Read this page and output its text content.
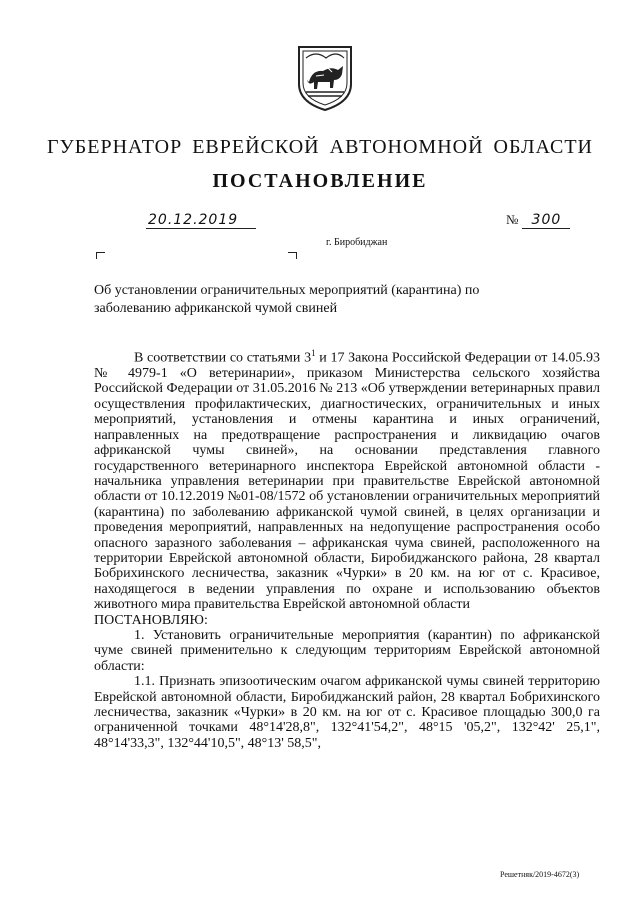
ГУБЕРНАТОР ЕВРЕЙСКОЙ АВТОНОМНОЙ ОБЛАСТИ
ПОСТАНОВЛЕНИЕ
20.12.2019	№ 300
г. Биробиджан
Об установлении ограничительных мероприятий (карантина) по заболеванию африканской чумой свиней

В соответствии со статьями $3^1$ и 17 Закона Российской Федерации от 14.05.93 № 4979-1 «О ветеринарии», приказом Министерства сельского хозяйства Российской Федерации от 31.05.2016 № 213 «Об утверждении ветеринарных правил осуществления профилактических, диагностических, ограничительных и иных мероприятий, установления и отмены карантина и иных ограничений, направленных на предотвращение распространения и ликвидацию очагов африканской чумы свиней», на основании представления главного государственного ветеринарного инспектора Еврейской автономной области - начальника управления ветеринарии при правительстве Еврейской автономной области от 10.12.2019 №01-08/1572 об установлении ограничительных мероприятий (карантина) по заболеванию африканской чумой свиней, в целях организации и проведения мероприятий, направленных на недопущение распространения особо опасного заразного заболевания – африканская чума свиней, расположенного на территории Еврейской автономной области, Биробиджанского района, 28 квартал Бобрихинского лесничества, заказник «Чурки» в 20 км. на юг от с. Красивое, находящегося в ведении управления по охране и использованию объектов животного мира правительства Еврейской автономной области

ПОСТАНОВЛЯЮ:

1. Установить ограничительные мероприятия (карантин) по африканской чуме свиней применительно к следующим территориям Еврейской автономной области:

1.1. Признать эпизоотическим очагом африканской чумы свиней территорию Еврейской автономной области, Биробиджанский район, 28 квартал Бобрихинского лесничества, заказник «Чурки» в 20 км. на юг от с. Красивое площадью 300,0 га ограниченной точками 48°14'28,8", 132°41'54,2", 48°15 '05,2", 132°42' 25,1", 48°14'33,3", 132°44'10,5", 48°13' 58,5",

Решетняк/2019-4672(3)
